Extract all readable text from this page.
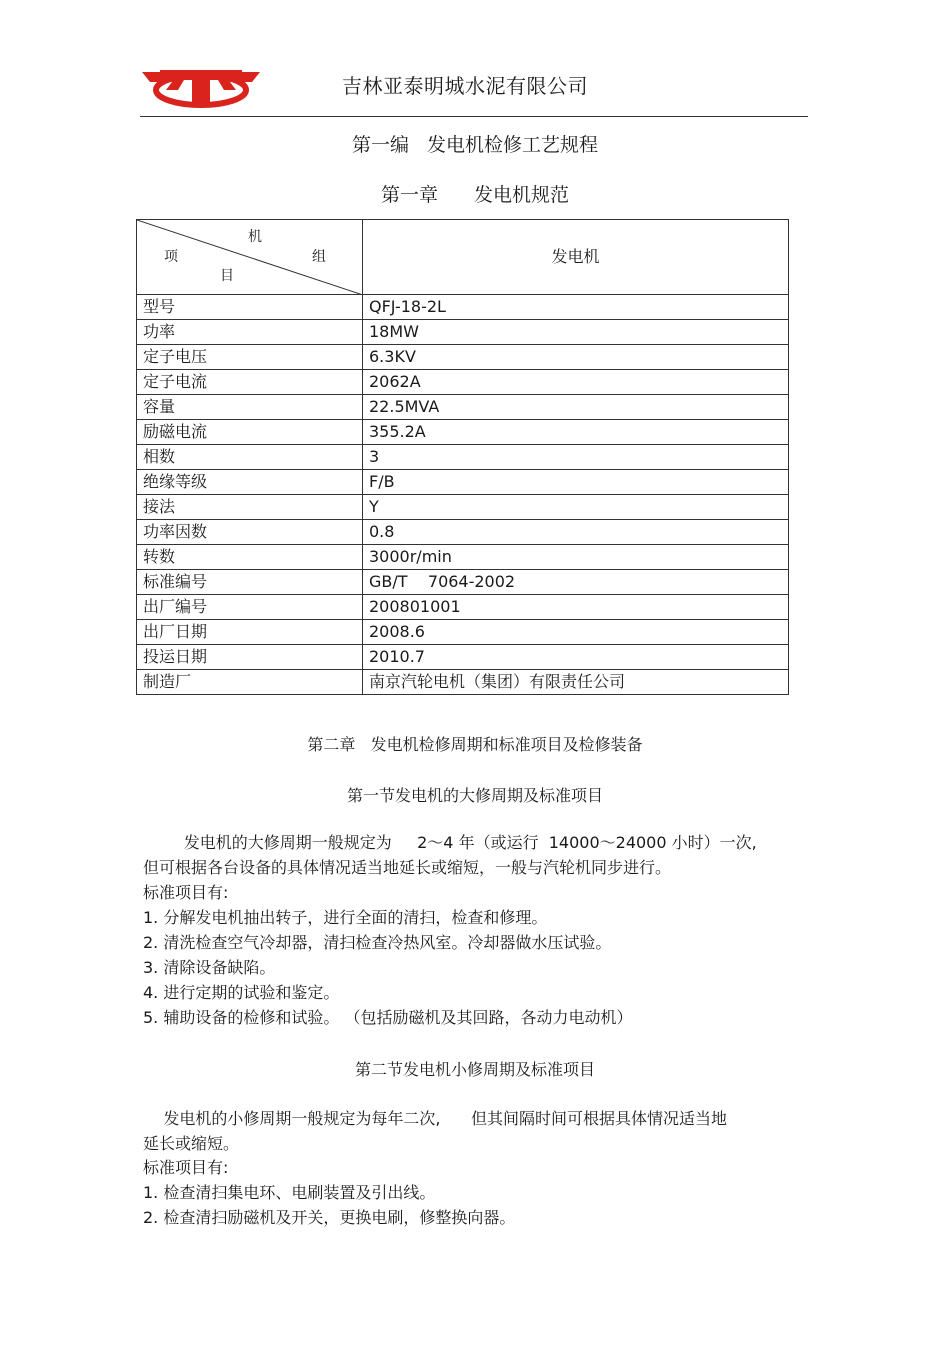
吉林亚泰明城水泥有限公司
第一编   发电机检修工艺规程
第一章 发电机规范
机
项 组
目	发电机
型号	QFJ-18-2L
功率	18MW
定子电压	6.3KV
定子电流	2062A
容量	22.5MVA
励磁电流	355.2A
相数	3
绝缘等级	F/B
接法	Y
功率因数	0.8
转数	3000r/min
标准编号	GB/T    7064-2002
出厂编号	200801001
出厂日期	2008.6
投运日期	2010.7
制造厂	南京汽轮电机（集团）有限责任公司
第二章   发电机检修周期和标准项目及检修装备
第一节发电机的大修周期及标准项目
发电机的大修周期一般规定为     2～4 年（或运行  14000～24000 小时）一次,
但可根据各台设备的具体情况适当地延长或缩短，一般与汽轮机同步进行。
标准项目有:
1. 分解发电机抽出转子，进行全面的清扫，检查和修理。
2. 清洗检查空气冷却器，清扫检查冷热风室。冷却器做水压试验。
3. 清除设备缺陷。
4. 进行定期的试验和鉴定。
5. 辅助设备的检修和试验。 （包括励磁机及其回路，各动力电动机）
第二节发电机小修周期及标准项目
发电机的小修周期一般规定为每年二次,      但其间隔时间可根据具体情况适当地
延长或缩短。
标准项目有:
1. 检查清扫集电环、电刷装置及引出线。
2. 检查清扫励磁机及开关，更换电刷，修整换向器。
